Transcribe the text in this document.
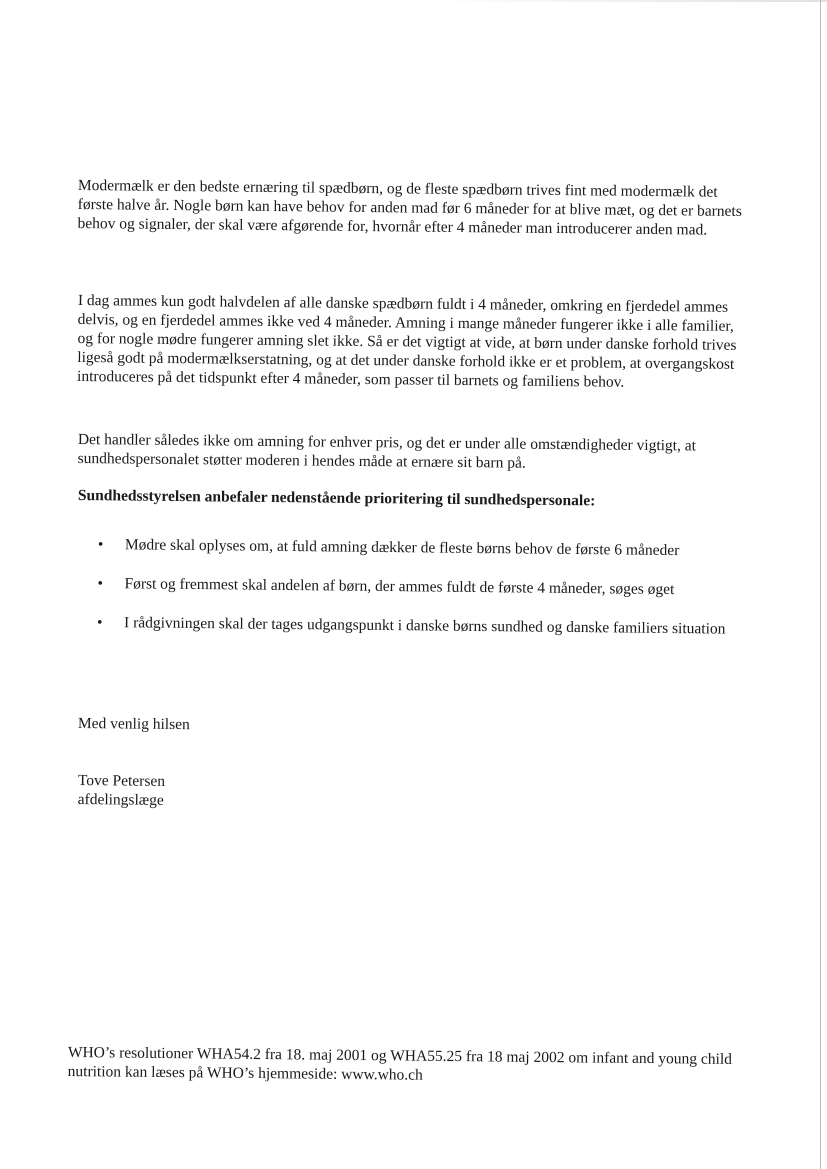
Modermælk er den bedste ernæring til spædbørn, og de fleste spædbørn trives fint med modermælk det første halve år. Nogle børn kan have behov for anden mad før 6 måneder for at blive mæt, og det er barnets behov og signaler, der skal være afgørende for, hvornår efter 4 måneder man introducerer anden mad.

I dag ammes kun godt halvdelen af alle danske spædbørn fuldt i 4 måneder, omkring en fjerdedel ammes delvis, og en fjerdedel ammes ikke ved 4 måneder. Amning i mange måneder fungerer ikke i alle familier, og for nogle mødre fungerer amning slet ikke. Så er det vigtigt at vide, at børn under danske forhold trives ligeså godt på modermælkserstatning, og at det under danske forhold ikke er et problem, at overgangskost introduceres på det tidspunkt efter 4 måneder, som passer til barnets og familiens behov.

Det handler således ikke om amning for enhver pris, og det er under alle omstændigheder vigtigt, at sundhedspersonalet støtter moderen i hendes måde at ernære sit barn på.

Sundhedsstyrelsen anbefaler nedenstående prioritering til sundhedspersonale:

• Mødre skal oplyses om, at fuld amning dækker de fleste børns behov de første 6 måneder
• Først og fremmest skal andelen af børn, der ammes fuldt de første 4 måneder, søges øget
• I rådgivningen skal der tages udgangspunkt i danske børns sundhed og danske familiers situation

Med venlig hilsen

Tove Petersen
afdelingslæge

WHO’s resolutioner WHA54.2 fra 18. maj 2001 og WHA55.25 fra 18 maj 2002 om infant and young child nutrition kan læses på WHO’s hjemmeside: www.who.ch
